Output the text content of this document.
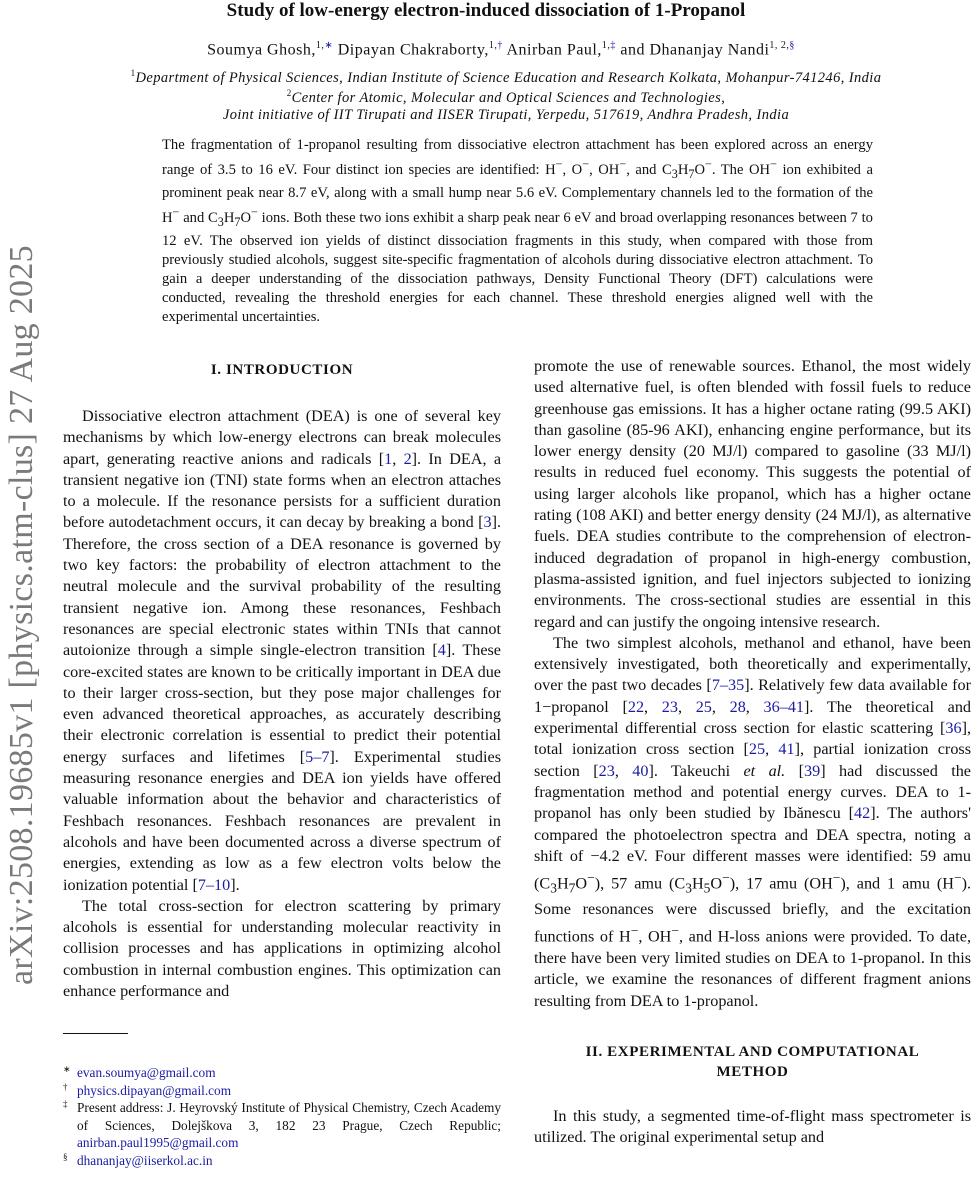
arXiv:2508.19685v1 [physics.atm-clus] 27 Aug 2025
Study of low-energy electron-induced dissociation of 1-Propanol
Soumya Ghosh,$^{1,∗}$ Dipayan Chakraborty,$^{1,\dagger}$ Anirban Paul,$^{1,\ddagger}$ and Dhananjay Nandi$^{1, 2,\S}$
$^1$Department of Physical Sciences, Indian Institute of Science Education and Research Kolkata, Mohanpur-741246, India
$^2$Center for Atomic, Molecular and Optical Sciences and Technologies,
Joint initiative of IIT Tirupati and IISER Tirupati, Yerpedu, 517619, Andhra Pradesh, India
The fragmentation of 1-propanol resulting from dissociative electron attachment has been explored across an energy range of 3.5 to 16 eV. Four distinct ion species are identified: H−, O−, OH−, and $C_3H_7O^-$. The OH− ion exhibited a prominent peak near 8.7 eV, along with a small hump near 5.6 eV. Complementary channels led to the formation of the H− and $C_3H_7O^-$ ions. Both these two ions exhibit a sharp peak near 6 eV and broad overlapping resonances between 7 to 12 eV. The observed ion yields of distinct dissociation fragments in this study, when compared with those from previously studied alcohols, suggest site-specific fragmentation of alcohols during dissociative electron attachment. To gain a deeper understanding of the dissociation pathways, Density Functional Theory (DFT) calculations were conducted, revealing the threshold energies for each channel. These threshold energies aligned well with the experimental uncertainties.
I. INTRODUCTION

Dissociative electron attachment (DEA) is one of several key mechanisms by which low-energy electrons can break molecules apart, generating reactive anions and radicals [1, 2]. In DEA, a transient negative ion (TNI) state forms when an electron attaches to a molecule. If the resonance persists for a sufficient duration before autodetachment occurs, it can decay by breaking a bond [3]. Therefore, the cross section of a DEA resonance is governed by two key factors: the probability of electron attachment to the neutral molecule and the survival probability of the resulting transient negative ion. Among these resonances, Feshbach resonances are special electronic states within TNIs that cannot autoionize through a simple single-electron transition [4]. These core-excited states are known to be critically important in DEA due to their larger cross-section, but they pose major challenges for even advanced theoretical approaches, as accurately describing their electronic correlation is essential to predict their potential energy surfaces and lifetimes [5–7]. Experimental studies measuring resonance energies and DEA ion yields have offered valuable information about the behavior and characteristics of Feshbach resonances. Feshbach resonances are prevalent in alcohols and have been documented across a diverse spectrum of energies, extending as low as a few electron volts below the ionization potential [7–10].

The total cross-section for electron scattering by primary alcohols is essential for understanding molecular reactivity in collision processes and has applications in optimizing alcohol combustion in internal combustion engines. This optimization can enhance performance and

promote the use of renewable sources. Ethanol, the most widely used alternative fuel, is often blended with fossil fuels to reduce greenhouse gas emissions. It has a higher octane rating (99.5 AKI) than gasoline (85-96 AKI), enhancing engine performance, but its lower energy density (20 MJ/l) compared to gasoline (33 MJ/l) results in reduced fuel economy. This suggests the potential of using larger alcohols like propanol, which has a higher octane rating (108 AKI) and better energy density (24 MJ/l), as alternative fuels. DEA studies contribute to the comprehension of electron-induced degradation of propanol in high-energy combustion, plasma-assisted ignition, and fuel injectors subjected to ionizing environments. The cross-sectional studies are essential in this regard and can justify the ongoing intensive research.

The two simplest alcohols, methanol and ethanol, have been extensively investigated, both theoretically and experimentally, over the past two decades [7–35]. Relatively few data available for 1−propanol [22, 23, 25, 28, 36–41]. The theoretical and experimental differential cross section for elastic scattering [36], total ionization cross section [25, 41], partial ionization cross section [23, 40]. Takeuchi et al. [39] had discussed the fragmentation method and potential energy curves. DEA to 1-propanol has only been studied by Ibănescu [42]. The authors' compared the photoelectron spectra and DEA spectra, noting a shift of −4.2 eV. Four different masses were identified: 59 amu $(C_3H_7O^-)$, 57 amu $(C_3H_5O^-)$, 17 amu (OH−), and 1 amu (H−). Some resonances were discussed briefly, and the excitation functions of H−, OH−, and H-loss anions were provided. To date, there have been very limited studies on DEA to 1-propanol. In this article, we examine the resonances of different fragment anions resulting from DEA to 1-propanol.

II. EXPERIMENTAL AND COMPUTATIONAL
METHOD

In this study, a segmented time-of-flight mass spectrometer is utilized. The original experimental setup and

∗ evan.soumya@gmail.com
† physics.dipayan@gmail.com
‡ Present address: J. Heyrovský Institute of Physical Chemistry, Czech Academy of Sciences, Dolejškova 3, 182 23 Prague, Czech Republic; anirban.paul1995@gmail.com
§ dhananjay@iiserkol.ac.in
